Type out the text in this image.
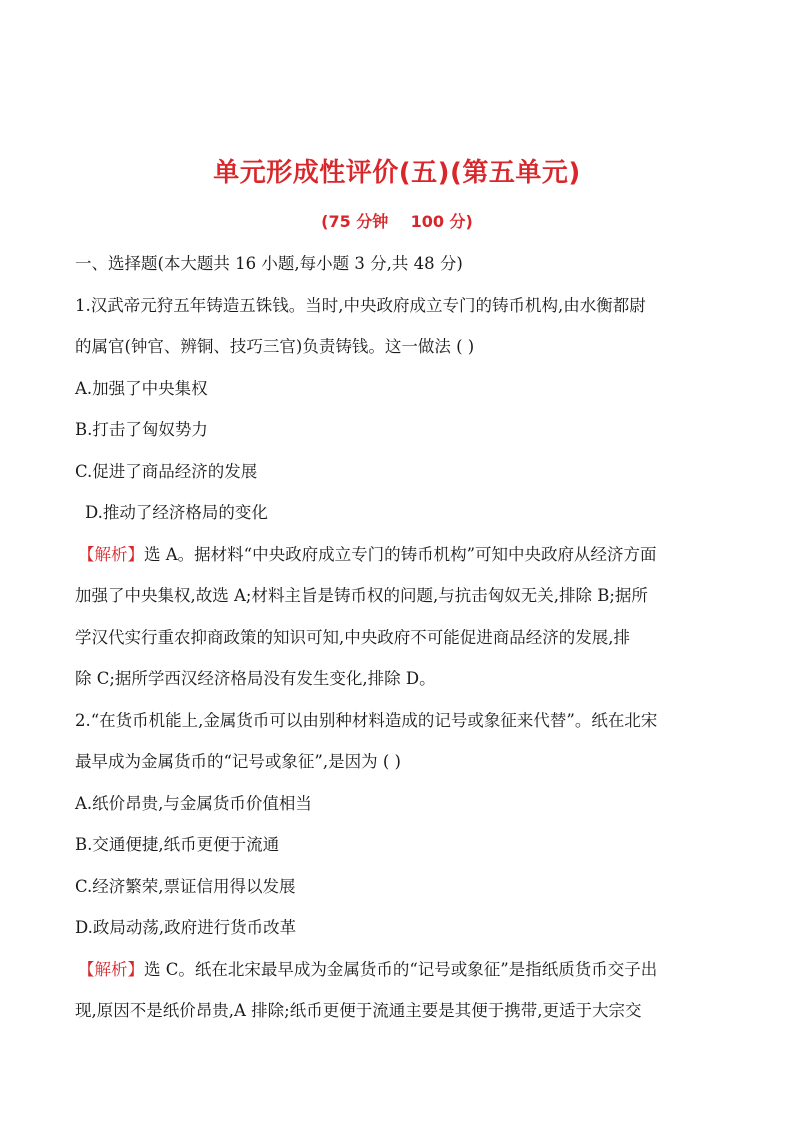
单元形成性评价(五)(第五单元)
(75 分钟    100 分)
一、选择题(本大题共 16 小题,每小题 3 分,共 48 分)
1.汉武帝元狩五年铸造五铢钱。当时,中央政府成立专门的铸币机构,由水衡都尉
的属官(钟官、辨铜、技巧三官)负责铸钱。这一做法 ( )
A.加强了中央集权
B.打击了匈奴势力
C.促进了商品经济的发展
D.推动了经济格局的变化
【解析】选 A。据材料“中央政府成立专门的铸币机构”可知中央政府从经济方面
加强了中央集权,故选 A;材料主旨是铸币权的问题,与抗击匈奴无关,排除 B;据所
学汉代实行重农抑商政策的知识可知,中央政府不可能促进商品经济的发展,排
除 C;据所学西汉经济格局没有发生变化,排除 D。
2.“在货币机能上,金属货币可以由别种材料造成的记号或象征来代替”。纸在北宋
最早成为金属货币的“记号或象征”,是因为 ( )
A.纸价昂贵,与金属货币价值相当
B.交通便捷,纸币更便于流通
C.经济繁荣,票证信用得以发展
D.政局动荡,政府进行货币改革
【解析】选 C。纸在北宋最早成为金属货币的“记号或象征”是指纸质货币交子出
现,原因不是纸价昂贵,A 排除;纸币更便于流通主要是其便于携带,更适于大宗交
